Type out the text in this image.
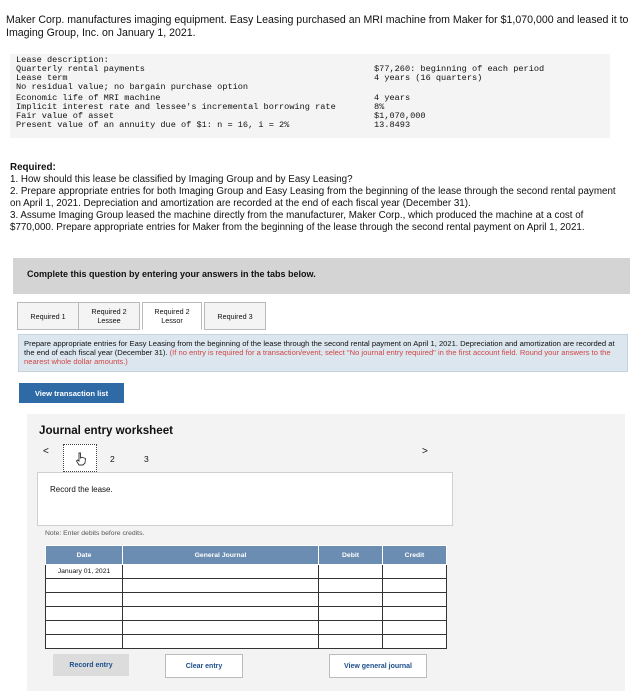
Maker Corp. manufactures imaging equipment. Easy Leasing purchased an MRI machine from Maker for $1,070,000 and leased it to Imaging Group, Inc. on January 1, 2021.
Lease description:
Quarterly rental payments	$77,260: beginning of each period
Lease term	4 years (16 quarters)
No residual value; no bargain purchase option
Economic life of MRI machine	4 years
Implicit interest rate and lessee's incremental borrowing rate	8%
Fair value of asset	$1,070,000
Present value of an annuity due of $1: n = 16, i = 2%	13.8493
Required:
1. How should this lease be classified by Imaging Group and by Easy Leasing?
2. Prepare appropriate entries for both Imaging Group and Easy Leasing from the beginning of the lease through the second rental payment on April 1, 2021. Depreciation and amortization are recorded at the end of each fiscal year (December 31).
3. Assume Imaging Group leased the machine directly from the manufacturer, Maker Corp., which produced the machine at a cost of $770,000. Prepare appropriate entries for Maker from the beginning of the lease through the second rental payment on April 1, 2021.
Complete this question by entering your answers in the tabs below.
Required 1	Required 2 Lessee
Required 2 Lessor	Required 3
Prepare appropriate entries for Easy Leasing from the beginning of the lease through the second rental payment on April 1, 2021. Depreciation and amortization are recorded at the end of each fiscal year (December 31). (If no entry is required for a transaction/event, select "No journal entry required" in the first account field. Round your answers to the nearest whole dollar amounts.)
View transaction list
Journal entry worksheet
<
2	3
>
Record the lease.
Note: Enter debits before credits.
Date	General Journal	Debit	Credit
January 01, 2021			

Record entry	Clear entry	View general journal
